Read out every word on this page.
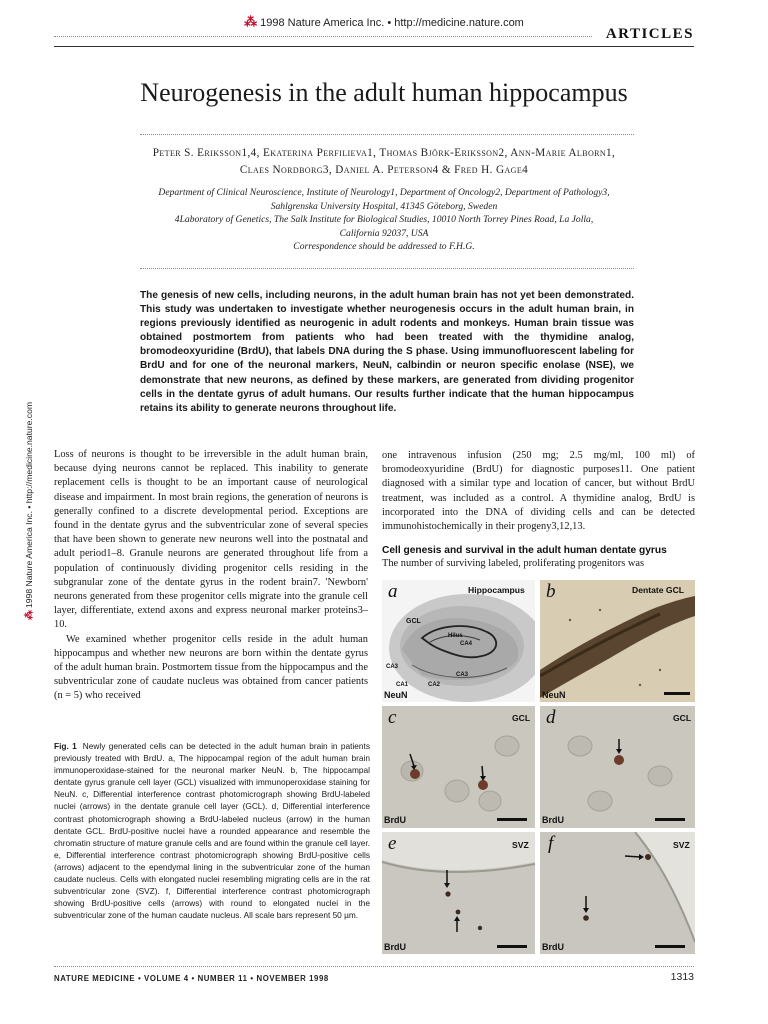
⁂ 1998 Nature America Inc. • http://medicine.nature.com
ARTICLES
Neurogenesis in the adult human hippocampus
Peter S. Eriksson1,4, Ekaterina Perfilieva1, Thomas Björk-Eriksson2, Ann-Marie Alborn1,
Claes Nordborg3, Daniel A. Peterson4 & Fred H. Gage4
Department of Clinical Neuroscience, Institute of Neurology1, Department of Oncology2, Department of Pathology3,
Sahlgrenska University Hospital, 41345 Göteborg, Sweden
4Laboratory of Genetics, The Salk Institute for Biological Studies, 10010 North Torrey Pines Road, La Jolla,
California 92037, USA
Correspondence should be addressed to F.H.G.
The genesis of new cells, including neurons, in the adult human brain has not yet been demonstrated. This study was undertaken to investigate whether neurogenesis occurs in the adult human brain, in regions previously identified as neurogenic in adult rodents and monkeys. Human brain tissue was obtained postmortem from patients who had been treated with the thymidine analog, bromodeoxyuridine (BrdU), that labels DNA during the S phase. Using immunofluorescent labeling for BrdU and for one of the neuronal markers, NeuN, calbindin or neuron specific enolase (NSE), we demonstrate that new neurons, as defined by these markers, are generated from dividing progenitor cells in the dentate gyrus of adult humans. Our results further indicate that the human hippocampus retains its ability to generate neurons throughout life.
⁂1998 Nature America Inc. • http://medicine.nature.com Loss of neurons is thought to be irreversible in the adult human brain, because dying neurons cannot be replaced. This inability to generate replacement cells is thought to be an important cause of neurological disease and impairment. In most brain regions, the generation of neurons is generally confined to a discrete developmental period. Exceptions are found in the dentate gyrus and the subventricular zone of several species that have been shown to generate new neurons well into the postnatal and adult period1–8. Granule neurons are generated throughout life from a population of continuously dividing progenitor cells residing in the subgranular zone of the dentate gyrus in the rodent brain7. 'Newborn' neurons generated from these progenitor cells migrate into the granule cell layer, differentiate, extend axons and express neuronal marker proteins3–10.

We examined whether progenitor cells reside in the adult human hippocampus and whether new neurons are born within the dentate gyrus of the adult human brain. Postmortem tissue from the hippocampus and the subventricular zone of caudate nucleus was obtained from cancer patients (n = 5) who received

one intravenous infusion (250 mg; 2.5 mg/ml, 100 ml) of bromodeoxyuridine (BrdU) for diagnostic purposes11. One patient diagnosed with a similar type and location of cancer, but without BrdU treatment, was included as a control. A thymidine analog, BrdU is incorporated into the DNA of dividing cells and can be detected immunohistochemically in their progeny3,12,13.

Cell genesis and survival in the adult human dentate gyrus
The number of surviving labeled, proliferating progenitors was
Fig. 1 Newly generated cells can be detected in the adult human brain in patients previously treated with BrdU. a, The hippocampal region of the adult human brain immunoperoxidase-stained for the neuronal marker NeuN. b, The hippocampal dentate gyrus granule cell layer (GCL) visualized with immunoperoxidase staining for NeuN. c, Differential interference contrast photomicrograph showing BrdU-labeled nuclei (arrows) in the dentate granule cell layer (GCL). d, Differential interference contrast photomicrograph showing a BrdU-labeled nucleus (arrow) in the human dentate GCL. BrdU-positive nuclei have a rounded appearance and resemble the chromatin structure of mature granule cells and are found within the granule cell layer. e, Differential interference contrast photomicrograph showing BrdU-positive cells (arrows) adjacent to the ependymal lining in the subventricular zone of the human caudate nucleus. Cells with elongated nuclei resembling migrating cells are in the rat subventricular zone (SVZ). f, Differential interference contrast photomicrograph showing BrdU-positive cells (arrows) with round to elongated nuclei in the subventricular zone of the human caudate nucleus. All scale bars represent 50 µm.
a	Hippocampus
GCL
Hilus
CA4
CA3
CA3
CA2
CA1
NeuN
b	Dentate GCL
NeuN
c	GCL
BrdU
d	GCL
BrdU
e	SVZ
BrdU
f	SVZ
BrdU
NATURE MEDICINE • VOLUME 4 • NUMBER 11 • NOVEMBER 1998	1313
